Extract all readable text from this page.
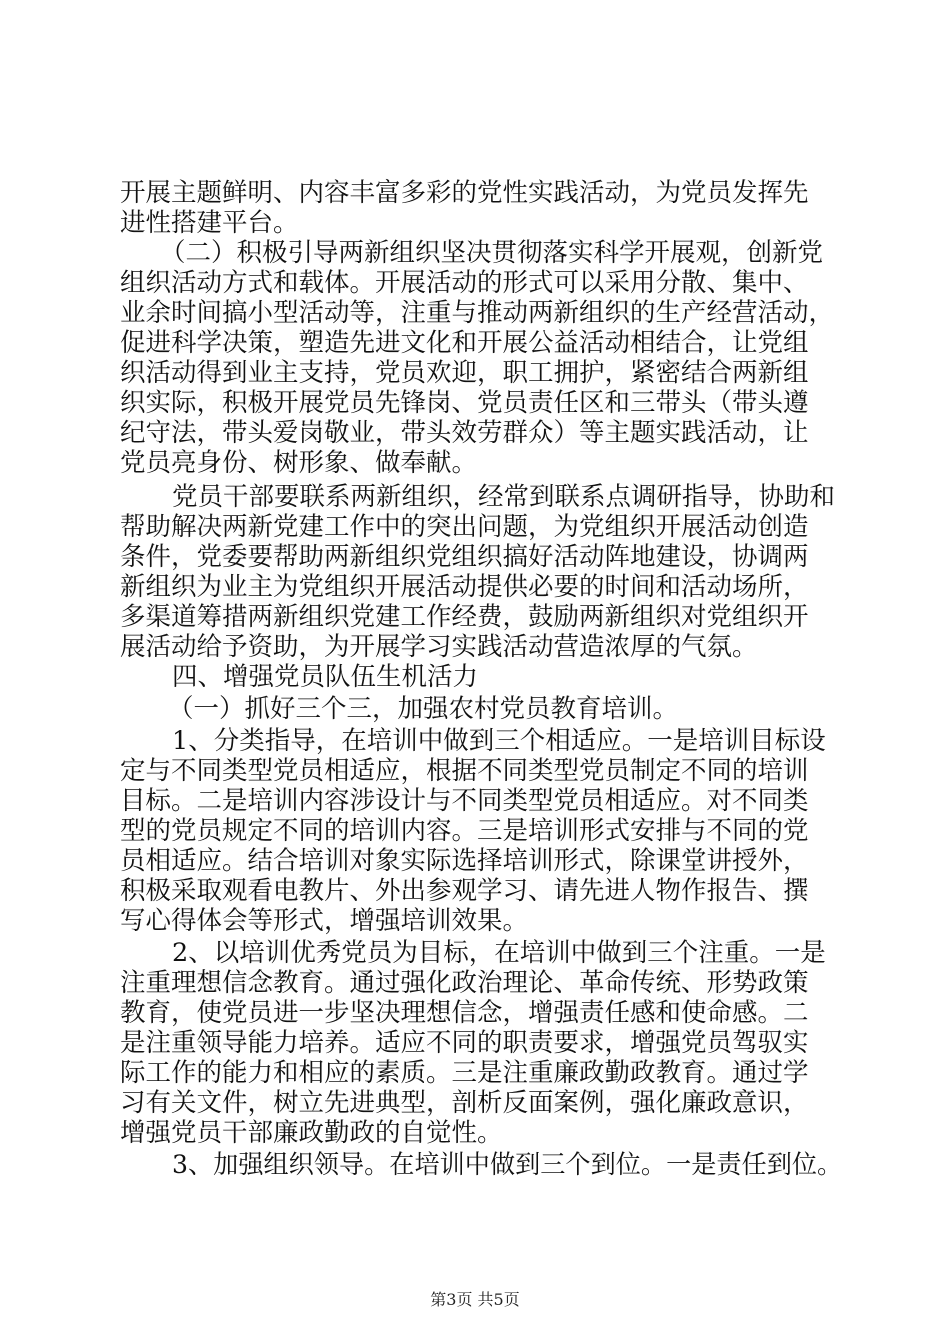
开展主题鲜明、内容丰富多彩的党性实践活动，为党员发挥先
进性搭建平台。
（二）积极引导两新组织坚决贯彻落实科学开展观，创新党
组织活动方式和载体。开展活动的形式可以采用分散、集中、
业余时间搞小型活动等，注重与推动两新组织的生产经营活动，
促进科学决策，塑造先进文化和开展公益活动相结合，让党组
织活动得到业主支持，党员欢迎，职工拥护，紧密结合两新组
织实际，积极开展党员先锋岗、党员责任区和三带头（带头遵
纪守法，带头爱岗敬业，带头效劳群众）等主题实践活动，让
党员亮身份、树形象、做奉献。
党员干部要联系两新组织，经常到联系点调研指导，协助和
帮助解决两新党建工作中的突出问题，为党组织开展活动创造
条件，党委要帮助两新组织党组织搞好活动阵地建设，协调两
新组织为业主为党组织开展活动提供必要的时间和活动场所，
多渠道筹措两新组织党建工作经费，鼓励两新组织对党组织开
展活动给予资助，为开展学习实践活动营造浓厚的气氛。
四、增强党员队伍生机活力
（一）抓好三个三，加强农村党员教育培训。
1、分类指导，在培训中做到三个相适应。一是培训目标设
定与不同类型党员相适应，根据不同类型党员制定不同的培训
目标。二是培训内容涉设计与不同类型党员相适应。对不同类
型的党员规定不同的培训内容。三是培训形式安排与不同的党
员相适应。结合培训对象实际选择培训形式，除课堂讲授外，
积极采取观看电教片、外出参观学习、请先进人物作报告、撰
写心得体会等形式，增强培训效果。
2、以培训优秀党员为目标，在培训中做到三个注重。一是
注重理想信念教育。通过强化政治理论、革命传统、形势政策
教育，使党员进一步坚决理想信念，增强责任感和使命感。二
是注重领导能力培养。适应不同的职责要求，增强党员驾驭实
际工作的能力和相应的素质。三是注重廉政勤政教育。通过学
习有关文件，树立先进典型，剖析反面案例，强化廉政意识，
增强党员干部廉政勤政的自觉性。
3、加强组织领导。在培训中做到三个到位。一是责任到位。
第3页 共5页
